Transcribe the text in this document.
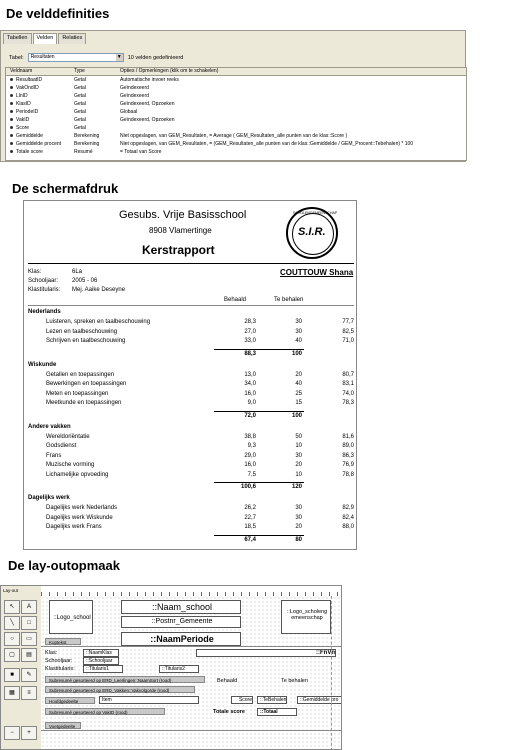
De velddefinities
De schermafdruk
De lay-outopmaak
Tabellen	Velden	Relaties
Tabel:	Resultaten	▼ 10 velden gedefinieerd
Veldnaam	Type	Opties / Opmerkingen (klik om te schakelen)
ResultaatID	Getal	Automatische invoer reeks
VakOndID	Getal	Geïndexeerd
LlnID	Getal	Geïndexeerd
KlasID	Getal	Geïndexeerd, Opzoeken
PeriodeID	Getal	Globaal
VakID	Getal	Geïndexeerd, Opzoeken
Score	Getal
Gemiddelde	Berekening	Niet opgeslagen, van GEM_Resultaten, = Average ( GEM_Resultaten_alle punten van de klas::Score )
Gemiddelde procent	Berekening	Niet opgeslagen, van GEM_Resultaten, = (GEM_Resultaten_alle punten van de klas::Gemiddelde / GEM_Procent::Tebehalen) * 100
Totale score	Resumé	= Totaal van Score
Gesubs. Vrije Basisschool
8908 Vlamertinge
Kerstrapport
S.I.R.
SCHOLENGEMEENSCHAP
Klas:	6La
Schooljaar: 2005 - 06
Klastitularis: Mej. Aaike Deseyne
COUTTOUW Shana
Behaald	Te behalen
Nederlands
Luisteren, spreken en taalbeschouwing	28,3	30	77,7
Lezen en taalbeschouwing	27,0	30	82,5
Schrijven en taalbeschouwing	33,0	40	71,0
88,3	100
Wiskunde
Getallen en toepassingen	13,0	20	80,7
Bewerkingen en toepassingen	34,0	40	83,1
Meten en toepassingen	16,0	25	74,0
Meetkunde en toepassingen	9,0	15	78,3
72,0	100
Andere vakken
Wereldoriëntatie	38,8	50	81,6
Godsdienst	9,3	10	89,0
Frans	29,0	30	86,3
Muzische vorming	16,0	20	76,9
Lichamelijke opvoeding	7,5	10	78,8
100,6	120
Dagelijks werk
Dagelijks werk Nederlands	26,2	30	82,9
Dagelijks werk Wiskunde	22,7	30	82,4
Dagelijks werk Frans	18,5	20	88,0
67,4	80
Lay-out
↖	A
╲	□
○	▭
▢	▤
■	✎
▦	≡
−	+
::Logo_school
::Naam_school
::Postnr_Gemeente
::NaamPeriode
::Logo_scholeng emeenschap
Koptekst
Klas:	::NaamKlas	::FnVn
Schooljaar:	::Schooljaar
Klastitularis:	::Titularis1	::Titularis2
Subresumé gesorteerd op ERD_Leerlingen::NaamSort (rood)
Subresumé gesorteerd op ERD_Vakken::Vakvolgorde (rood)
Behaald	Te behalen
Hoofdgedeelte	Item	Score	::TeBehalen	::Gemiddelde pro
Subresumé gesorteerd op VakID (rood)	Totale score	::Totaal
Voetgedeelte
